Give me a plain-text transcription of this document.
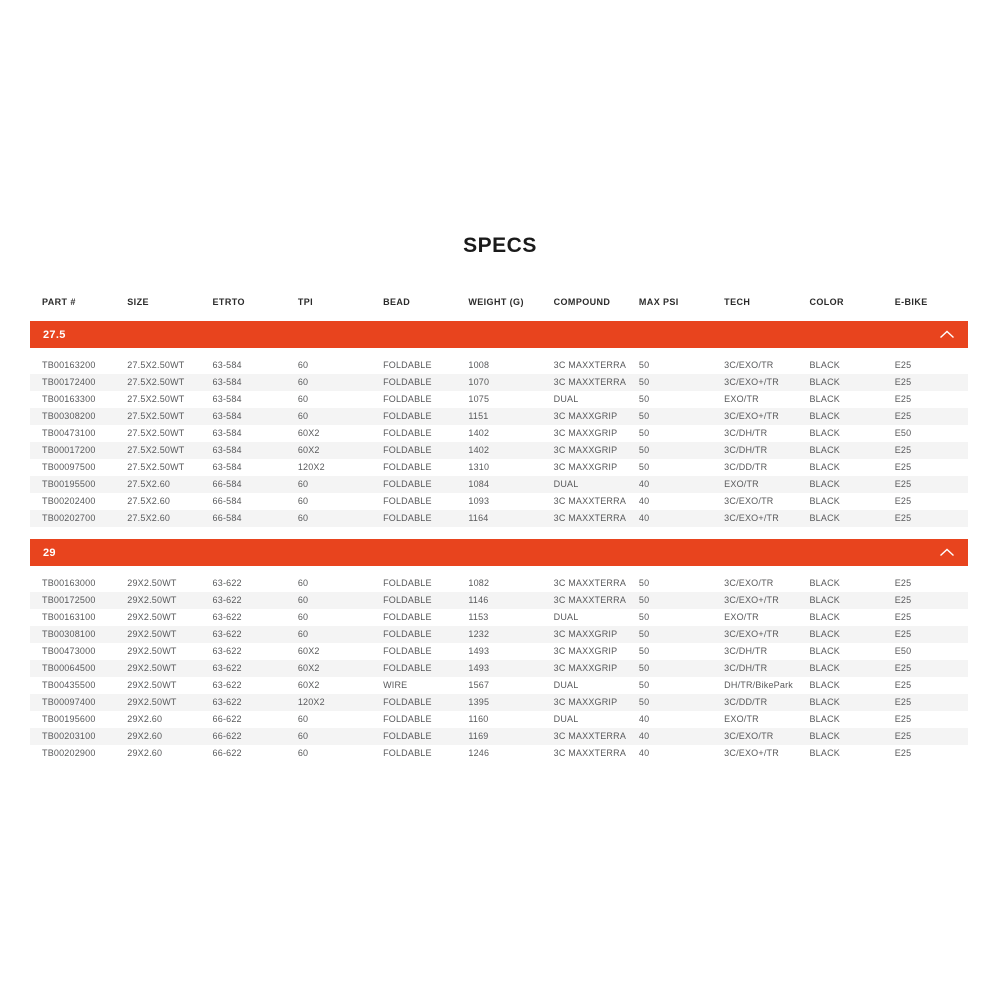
SPECS
PART #	SIZE	ETRTO	TPI	BEAD	WEIGHT (G)	COMPOUND	MAX PSI	TECH	COLOR	E-BIKE
27.5
TB00163200	27.5X2.50WT	63-584	60	FOLDABLE	1008	3C MAXXTERRA	50	3C/EXO/TR	BLACK	E25
TB00172400	27.5X2.50WT	63-584	60	FOLDABLE	1070	3C MAXXTERRA	50	3C/EXO+/TR	BLACK	E25
TB00163300	27.5X2.50WT	63-584	60	FOLDABLE	1075	DUAL	50	EXO/TR	BLACK	E25
TB00308200	27.5X2.50WT	63-584	60	FOLDABLE	1151	3C MAXXGRIP	50	3C/EXO+/TR	BLACK	E25
TB00473100	27.5X2.50WT	63-584	60X2	FOLDABLE	1402	3C MAXXGRIP	50	3C/DH/TR	BLACK	E50
TB00017200	27.5X2.50WT	63-584	60X2	FOLDABLE	1402	3C MAXXGRIP	50	3C/DH/TR	BLACK	E25
TB00097500	27.5X2.50WT	63-584	120X2	FOLDABLE	1310	3C MAXXGRIP	50	3C/DD/TR	BLACK	E25
TB00195500	27.5X2.60	66-584	60	FOLDABLE	1084	DUAL	40	EXO/TR	BLACK	E25
TB00202400	27.5X2.60	66-584	60	FOLDABLE	1093	3C MAXXTERRA	40	3C/EXO/TR	BLACK	E25
TB00202700	27.5X2.60	66-584	60	FOLDABLE	1164	3C MAXXTERRA	40	3C/EXO+/TR	BLACK	E25
29
TB00163000	29X2.50WT	63-622	60	FOLDABLE	1082	3C MAXXTERRA	50	3C/EXO/TR	BLACK	E25
TB00172500	29X2.50WT	63-622	60	FOLDABLE	1146	3C MAXXTERRA	50	3C/EXO+/TR	BLACK	E25
TB00163100	29X2.50WT	63-622	60	FOLDABLE	1153	DUAL	50	EXO/TR	BLACK	E25
TB00308100	29X2.50WT	63-622	60	FOLDABLE	1232	3C MAXXGRIP	50	3C/EXO+/TR	BLACK	E25
TB00473000	29X2.50WT	63-622	60X2	FOLDABLE	1493	3C MAXXGRIP	50	3C/DH/TR	BLACK	E50
TB00064500	29X2.50WT	63-622	60X2	FOLDABLE	1493	3C MAXXGRIP	50	3C/DH/TR	BLACK	E25
TB00435500	29X2.50WT	63-622	60X2	WIRE	1567	DUAL	50	DH/TR/BikePark	BLACK	E25
TB00097400	29X2.50WT	63-622	120X2	FOLDABLE	1395	3C MAXXGRIP	50	3C/DD/TR	BLACK	E25
TB00195600	29X2.60	66-622	60	FOLDABLE	1160	DUAL	40	EXO/TR	BLACK	E25
TB00203100	29X2.60	66-622	60	FOLDABLE	1169	3C MAXXTERRA	40	3C/EXO/TR	BLACK	E25
TB00202900	29X2.60	66-622	60	FOLDABLE	1246	3C MAXXTERRA	40	3C/EXO+/TR	BLACK	E25
